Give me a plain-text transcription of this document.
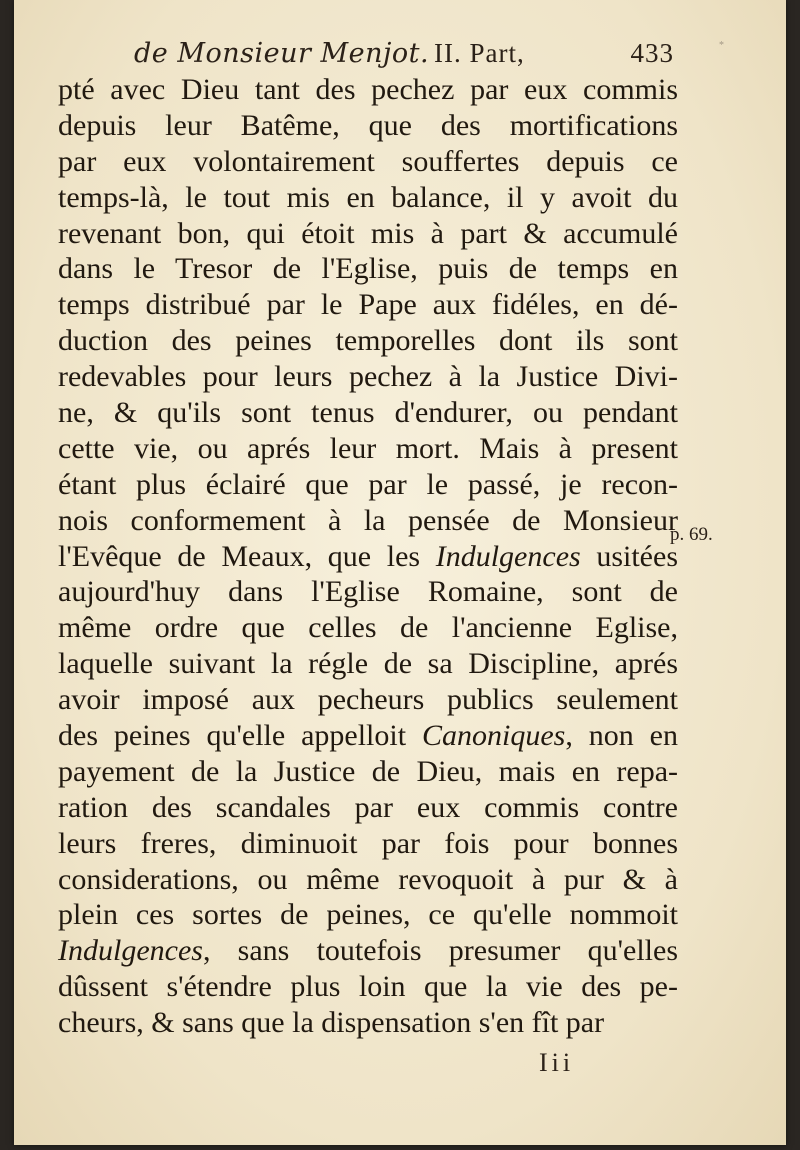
de Monsieur Menjot. II. Part,	433	*
pté avec Dieu tant des pechez par eux commis
depuis leur Batême, que des mortifications
par eux volontairement souffertes depuis ce
temps-là, le tout mis en balance, il y avoit du
revenant bon, qui étoit mis à part & accumulé
dans le Tresor de l'Eglise, puis de temps en
temps distribué par le Pape aux fidéles, en dé-
duction des peines temporelles dont ils sont
redevables pour leurs pechez à la Justice Divi-
ne, & qu'ils sont tenus d'endurer, ou pendant
cette vie, ou aprés leur mort. Mais à present
étant plus éclairé que par le passé, je recon-
nois conformement à la pensée de Monsieur
l'Evêque de Meaux, que les Indulgences usitées
aujourd'huy dans l'Eglise Romaine, sont de
même ordre que celles de l'ancienne Eglise,
laquelle suivant la régle de sa Discipline, aprés
avoir imposé aux pecheurs publics seulement
des peines qu'elle appelloit Canoniques, non en
payement de la Justice de Dieu, mais en repa-
ration des scandales par eux commis contre
leurs freres, diminuoit par fois pour bonnes
considerations, ou même revoquoit à pur & à
plein ces sortes de peines, ce qu'elle nommoit
Indulgences, sans toutefois presumer qu'elles
dûssent s'étendre plus loin que la vie des pe-
cheurs, & sans que la dispensation s'en fît par
p. 69.
Iii
